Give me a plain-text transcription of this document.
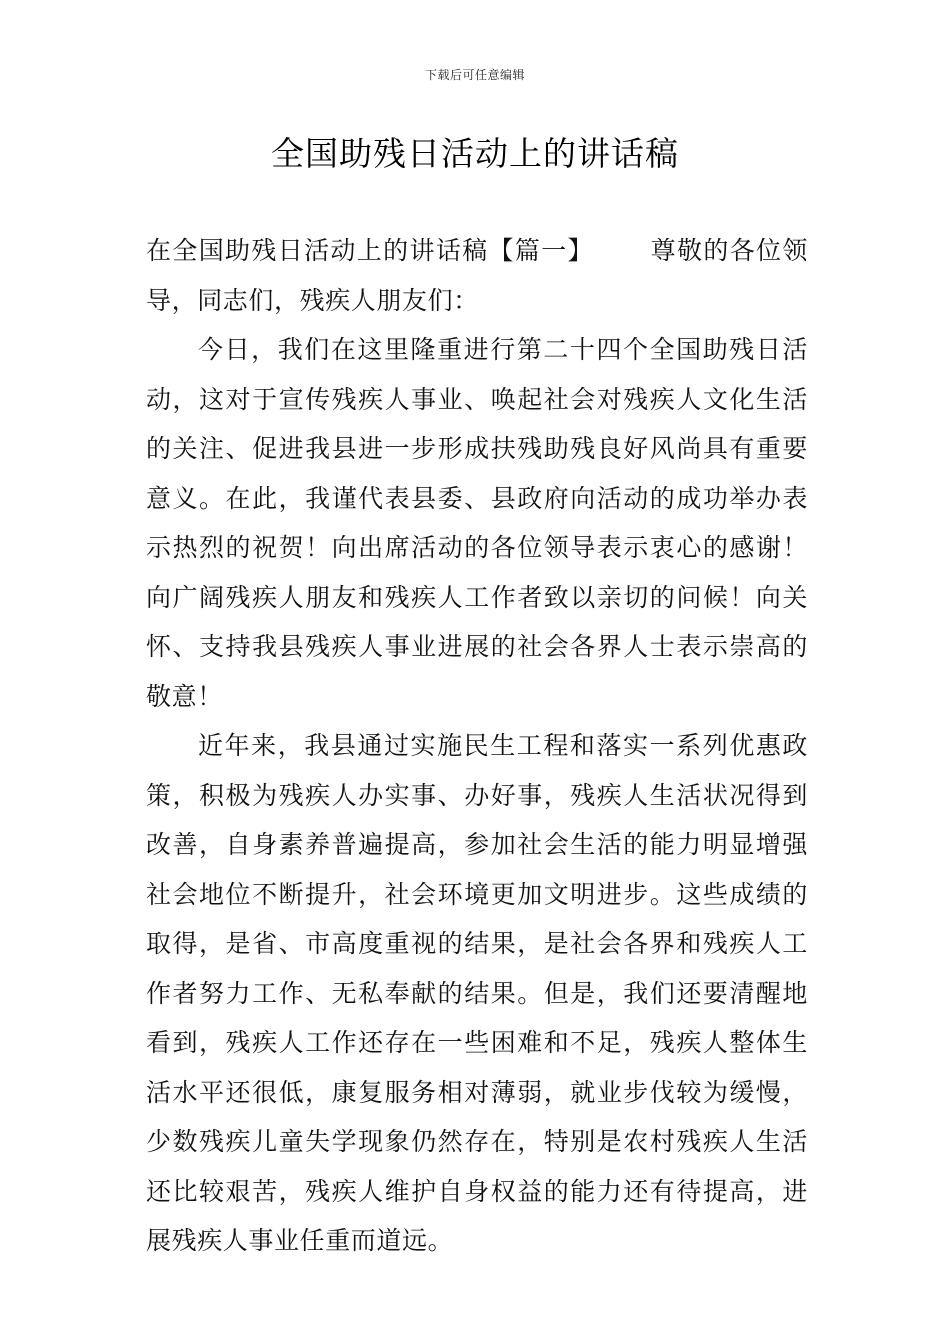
下载后可任意编辑
全国助残日活动上的讲话稿

在全国助残日活动上的讲话稿【篇一】 尊敬的各位领导，同志们，残疾人朋友们：

今日，我们在这里隆重进行第二十四个全国助残日活动，这对于宣传残疾人事业、唤起社会对残疾人文化生活的关注、促进我县进一步形成扶残助残良好风尚具有重要意义。在此，我谨代表县委、县政府向活动的成功举办表示热烈的祝贺！向出席活动的各位领导表示衷心的感谢！向广阔残疾人朋友和残疾人工作者致以亲切的问候！向关怀、支持我县残疾人事业进展的社会各界人士表示崇高的敬意！

近年来，我县通过实施民生工程和落实一系列优惠政策，积极为残疾人办实事、办好事，残疾人生活状况得到改善，自身素养普遍提高，参加社会生活的能力明显增强社会地位不断提升，社会环境更加文明进步。这些成绩的取得，是省、市高度重视的结果，是社会各界和残疾人工作者努力工作、无私奉献的结果。但是，我们还要清醒地看到，残疾人工作还存在一些困难和不足，残疾人整体生活水平还很低，康复服务相对薄弱，就业步伐较为缓慢，少数残疾儿童失学现象仍然存在，特别是农村残疾人生活还比较艰苦，残疾人维护自身权益的能力还有待提高，进展残疾人事业任重而道远。
